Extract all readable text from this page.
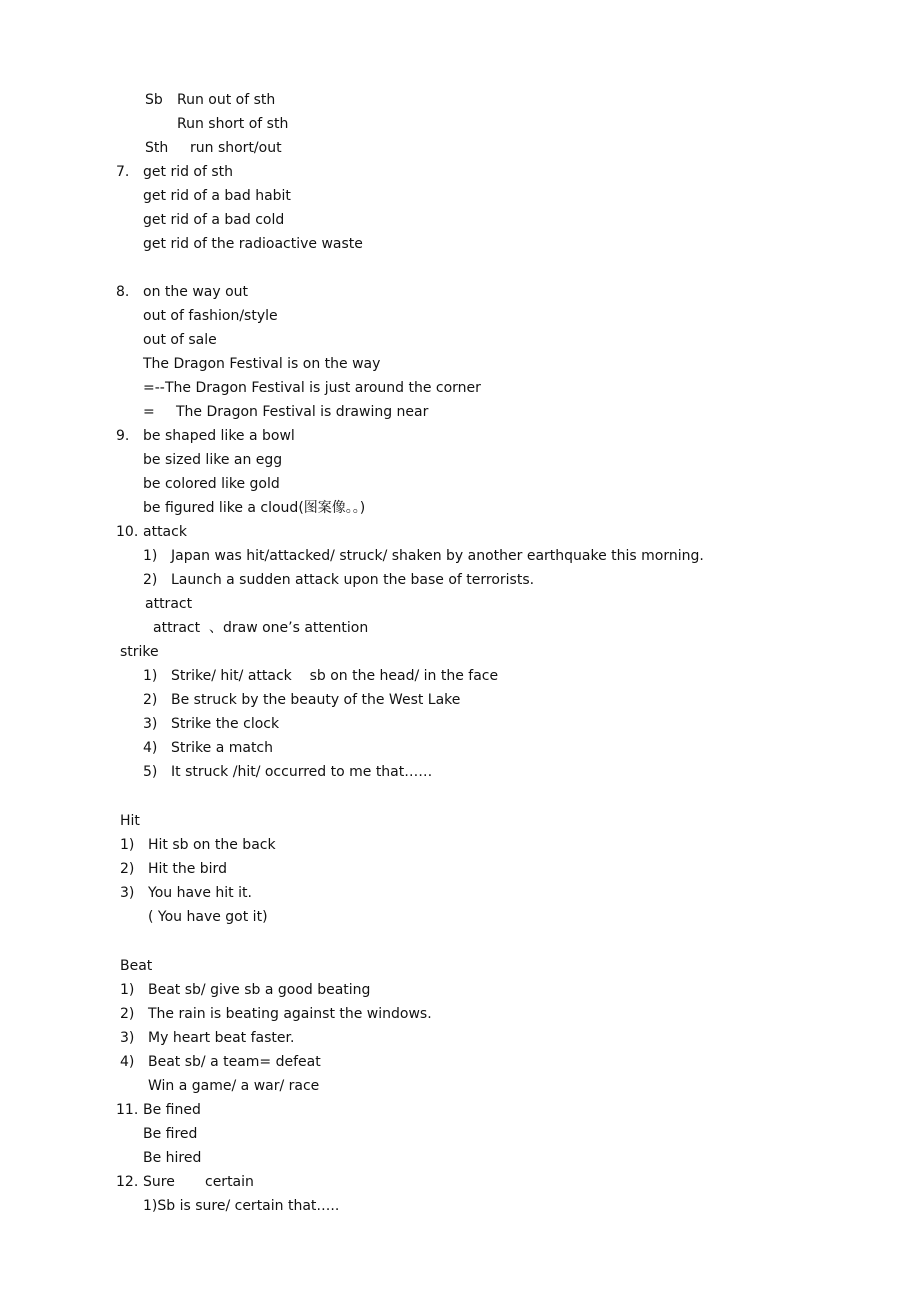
Sb Run out of sth
Run short of sth
Sth run short/out
7. get rid of sth
get rid of a bad habit
get rid of a bad cold
get rid of the radioactive waste
8. on the way out
out of fashion/style
out of sale
The Dragon Festival is on the way
=-- The Dragon Festival is just around the corner
= The Dragon Festival is drawing near
9. be shaped like a bowl
be sized like an egg
be colored like gold
be figured like a cloud(图案像。。)
10. attack
1) Japan was hit/attacked/ struck/ shaken by another earthquake this morning.
2) Launch a sudden attack upon the base of terrorists.
attract
attract  、draw one’s attention
strike
1) Strike/ hit/ attack    sb on the head/ in the face
2) Be struck by the beauty of the West Lake
3) Strike the clock
4) Strike a match
5) It struck /hit/ occurred to me that……
Hit
1) Hit sb on the back
2) Hit the bird
3) You have hit it.
( You have got it)
Beat
1) Beat sb/ give sb a good beating
2) The rain is beating against the windows.
3) My heart beat faster.
4) Beat sb/ a team= defeat
Win a game/ a war/ race
11. Be fined
Be fired
Be hired
12. Sure certain
1)Sb is sure/ certain that…..
